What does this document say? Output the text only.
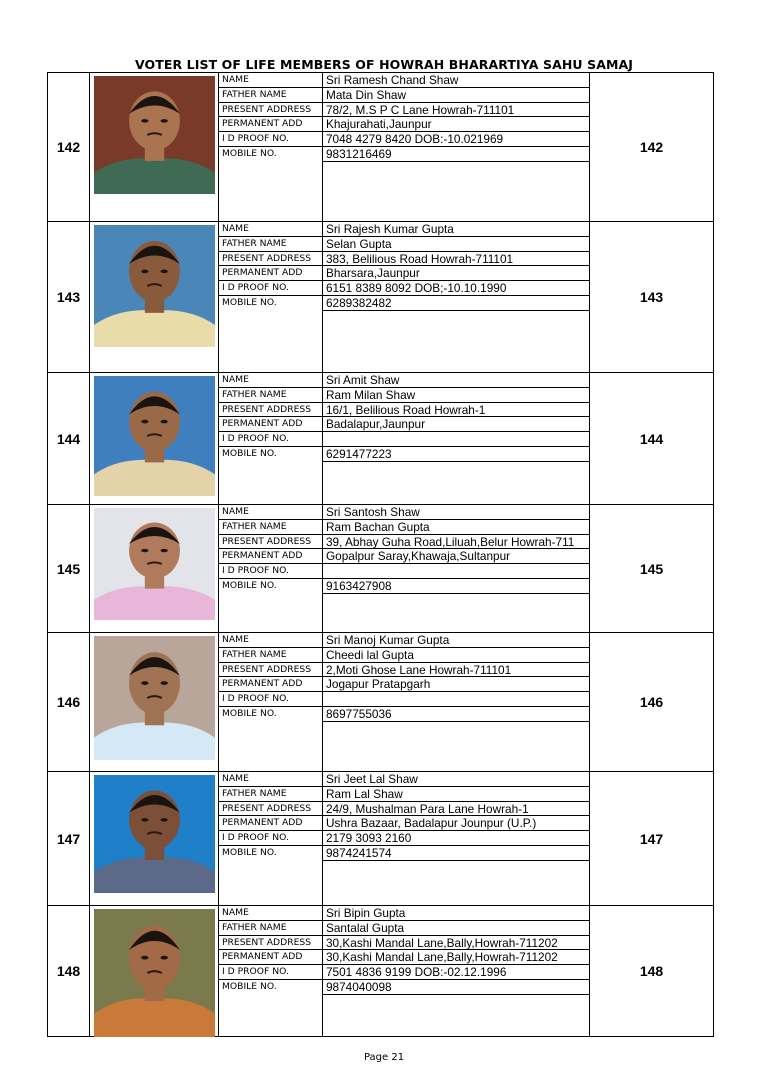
VOTER LIST OF LIFE MEMBERS OF HOWRAH BHARARTIYA SAHU SAMAJ
142
NAME
FATHER NAME
PRESENT ADDRESS
PERMANENT ADD
I D PROOF NO.
MOBILE NO.
Sri Ramesh Chand Shaw
Mata Din Shaw
78/2, M.S P C Lane Howrah-711101
Khajurahati,Jaunpur
7048 4279 8420 DOB:-10.021969
9831216469	142
143
NAME
FATHER NAME
PRESENT ADDRESS
PERMANENT ADD
I D PROOF NO.
MOBILE NO.
Sri Rajesh Kumar Gupta
Selan Gupta
383, Belilious Road Howrah-711101
Bharsara,Jaunpur
6151 8389 8092 DOB;-10.10.1990
6289382482	143
144
NAME
FATHER NAME
PRESENT ADDRESS
PERMANENT ADD
I D PROOF NO.
MOBILE NO.
Sri Amit Shaw
Ram Milan Shaw
16/1, Belilious Road Howrah-1
Badalapur,Jaunpur
6291477223
144
145
NAME
FATHER NAME
PRESENT ADDRESS
PERMANENT ADD
I D PROOF NO.
MOBILE NO.
Sri Santosh Shaw
Ram Bachan Gupta
39, Abhay Guha Road,Liluah,Belur Howrah-711
Gopalpur Saray,Khawaja,Sultanpur
9163427908
145
146
NAME
FATHER NAME
PRESENT ADDRESS
PERMANENT ADD
I D PROOF NO.
MOBILE NO.
Sri Manoj Kumar Gupta
Cheedi lal Gupta
2,Moti Ghose Lane Howrah-711101
Jogapur Pratapgarh
8697755036
146
147
NAME
FATHER NAME
PRESENT ADDRESS
PERMANENT ADD
I D PROOF NO.
MOBILE NO.
Sri Jeet Lal Shaw
Ram Lal Shaw
24/9, Mushalman Para Lane Howrah-1
Ushra Bazaar, Badalapur Jounpur (U.P.)
2179 3093 2160
9874241574
147
148
NAME
FATHER NAME
PRESENT ADDRESS
PERMANENT ADD
I D PROOF NO.
MOBILE NO.
Sri Bipin Gupta
Santalal Gupta
30,Kashi Mandal Lane,Bally,Howrah-711202
30,Kashi Mandal Lane,Bally,Howrah-711202
7501 4836 9199 DOB:-02.12.1996
9874040098
148
Page 21
